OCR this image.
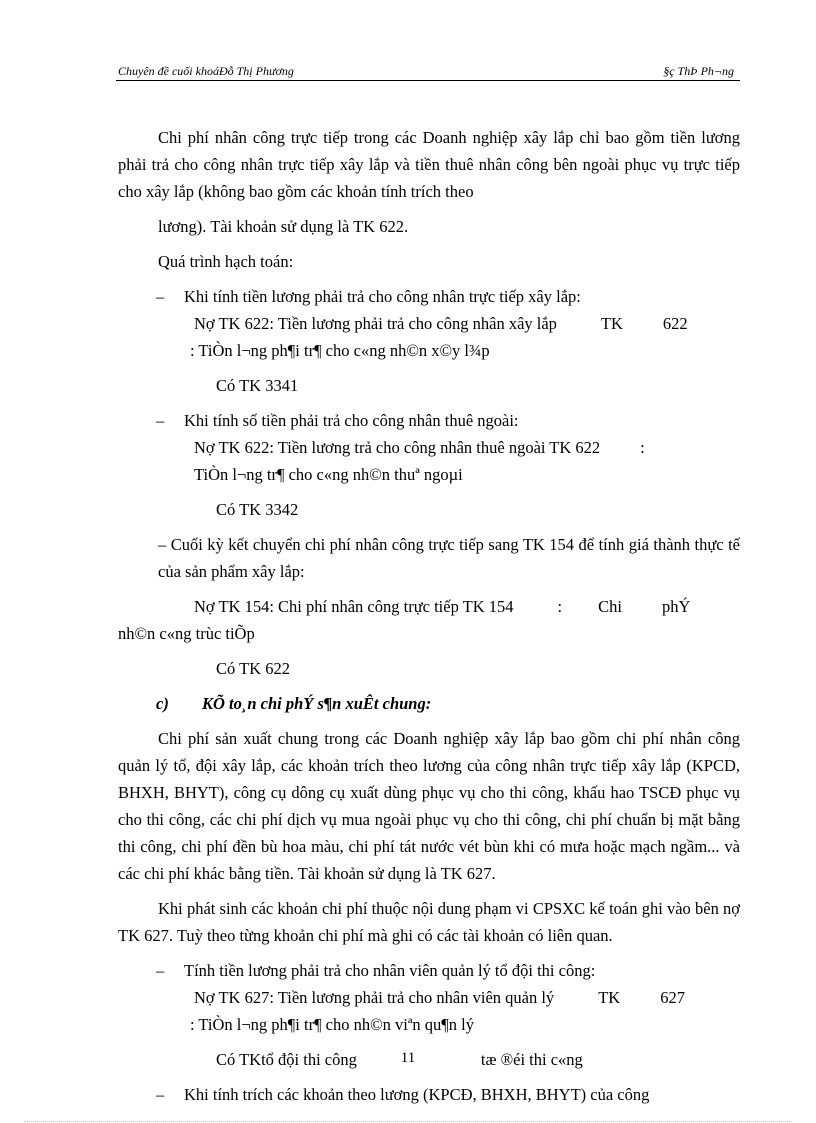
Chuyên đề cuối khoáĐỗ Thị Phương	§ç ThÞ Ph¬ng

Chi phí nhân công trực tiếp trong các Doanh nghiệp xây lắp chỉ bao gồm tiền lương phải trả cho công nhân trực tiếp xây lắp và tiền thuê nhân công bên ngoài phục vụ trực tiếp cho xây lắp (không bao gồm các khoản tính trích theo

lương). Tài khoản sử dụng là TK 622.

Quá trình hạch toán:

–	Khi tính tiền lương phải trả cho công nhân trực tiếp xây lắp:
Nợ TK 622: Tiền lương phải trả cho công nhân xây lắp	TK 622
: TiÒn l¬ng ph¶i tr¶ cho c«ng nh©n x©y l¾p
Có TK 3341
–	Khi tính số tiền phải trả cho công nhân thuê ngoài:
Nợ TK 622: Tiền lương trả cho công nhân thuê ngoài TK 622 :
TiÒn l¬ng tr¶ cho c«ng nh©n thuª ngoµi
Có TK 3342
– Cuối kỳ kết chuyển chi phí nhân công trực tiếp sang TK 154 để tính giá thành thực tế của sản phẩm xây lắp:
Nợ TK 154: Chi phí nhân công trực tiếp TK 154	: Chi phÝ
nh©n c«ng trùc tiÕp
Có TK 622
c) KÕ to¸n chi phÝ s¶n xuÊt chung:

Chi phí sản xuất chung trong các Doanh nghiệp xây lắp bao gồm chi phí nhân công quản lý tổ, đội xây lắp, các khoản trích theo lương của công nhân trực tiếp xây lắp (KPCD, BHXH, BHYT), công cụ dông cụ xuất dùng phục vụ cho thi công, khấu hao TSCĐ phục vụ cho thi công, các chi phí dịch vụ mua ngoài phục vụ cho thi công, chi phí chuẩn bị mặt bằng thi công, chi phí đền bù hoa màu, chi phí tát nước vét bùn khi có mưa hoặc mạch ngầm... và các chi phí khác bằng tiền. Tài khoản sử dụng là TK 627.

Khi phát sinh các khoản chi phí thuộc nội dung phạm vi CPSXC kế toán ghi vào bên nợ TK 627. Tuỳ theo từng khoản chi phí mà ghi có các tài khoản có liên quan.

–	Tính tiền lương phải trả cho nhân viên quản lý tổ đội thi công:
Nợ TK 627: Tiền lương phải trả cho nhân viên quản lý	TK 627
: TiÒn l¬ng ph¶i tr¶ cho nh©n viªn qu¶n lý
Có TKtổ đội thi công	tæ ®éi thi c«ng
–	Khi tính trích các khoản theo lương (KPCĐ, BHXH, BHYT) của công
11
